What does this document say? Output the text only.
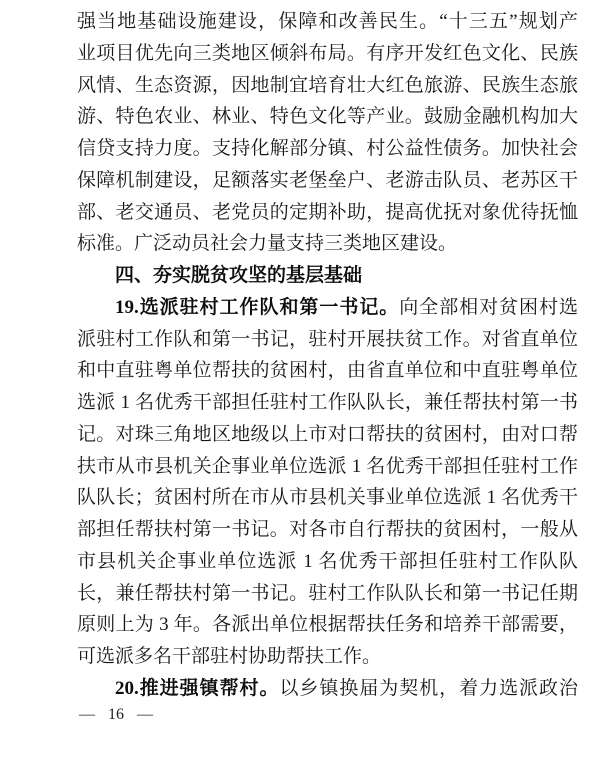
强当地基础设施建设，保障和改善民生。“十三五”规划产
业项目优先向三类地区倾斜布局。有序开发红色文化、民族
风情、生态资源，因地制宜培育壮大红色旅游、民族生态旅
游、特色农业、林业、特色文化等产业。鼓励金融机构加大
信贷支持力度。支持化解部分镇、村公益性债务。加快社会
保障机制建设，足额落实老堡垒户、老游击队员、老苏区干
部、老交通员、老党员的定期补助，提高优抚对象优待抚恤
标准。广泛动员社会力量支持三类地区建设。
四、夯实脱贫攻坚的基层基础
19.选派驻村工作队和第一书记。向全部相对贫困村选
派驻村工作队和第一书记，驻村开展扶贫工作。对省直单位
和中直驻粤单位帮扶的贫困村，由省直单位和中直驻粤单位
选派 1 名优秀干部担任驻村工作队队长，兼任帮扶村第一书
记。对珠三角地区地级以上市对口帮扶的贫困村，由对口帮
扶市从市县机关企事业单位选派 1 名优秀干部担任驻村工作
队队长；贫困村所在市从市县机关事业单位选派 1 名优秀干
部担任帮扶村第一书记。对各市自行帮扶的贫困村，一般从
市县机关企事业单位选派 1 名优秀干部担任驻村工作队队
长，兼任帮扶村第一书记。驻村工作队队长和第一书记任期
原则上为 3 年。各派出单位根据帮扶任务和培养干部需要，
可选派多名干部驻村协助帮扶工作。
20.推进强镇帮村。以乡镇换届为契机，着力选派政治
— 16 —
